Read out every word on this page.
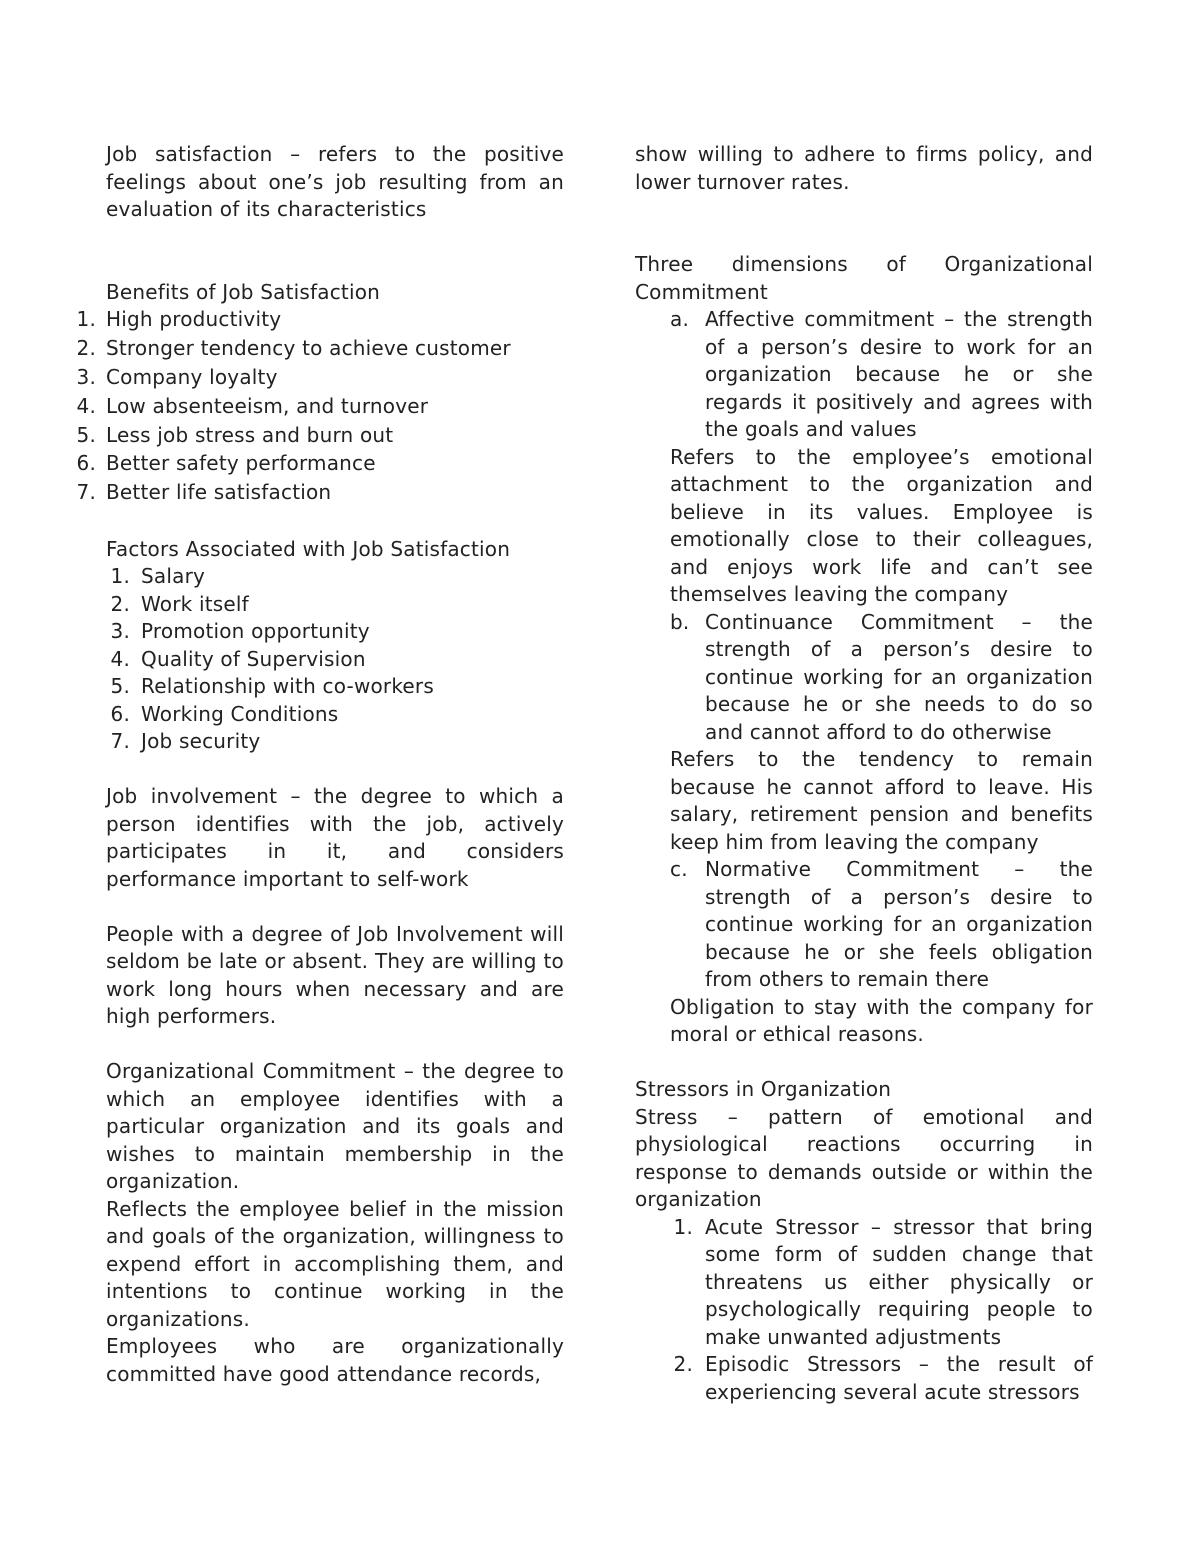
Job satisfaction – refers to the positive feelings about one’s job resulting from an evaluation of its characteristics

Benefits of Job Satisfaction

1. High productivity
2. Stronger tendency to achieve customer
3. Company loyalty
4. Low absenteeism, and turnover
5. Less job stress and burn out
6. Better safety performance
7. Better life satisfaction

Factors Associated with Job Satisfaction

1. Salary
2. Work itself
3. Promotion opportunity
4. Quality of Supervision
5. Relationship with co-workers
6. Working Conditions
7. Job security

Job involvement – the degree to which a person identifies with the job, actively participates in it, and considers performance important to self-work

People with a degree of Job Involvement will seldom be late or absent. They are willing to work long hours when necessary and are high performers.

Organizational Commitment – the degree to which an employee identifies with a particular organization and its goals and wishes to maintain membership in the organization.

Reflects the employee belief in the mission and goals of the organization, willingness to expend effort in accomplishing them, and intentions to continue working in the organizations.

Employees who are organizationally committed have good attendance records,

show willing to adhere to firms policy, and lower turnover rates.

Three dimensions of Organizational Commitment

a. Affective commitment – the strength of a person’s desire to work for an organization because he or she regards it positively and agrees with the goals and values

Refers to the employee’s emotional attachment to the organization and believe in its values. Employee is emotionally close to their colleagues, and enjoys work life and can’t see themselves leaving the company

b. Continuance Commitment – the strength of a person’s desire to continue working for an organization because he or she needs to do so and cannot afford to do otherwise

Refers to the tendency to remain because he cannot afford to leave. His salary, retirement pension and benefits keep him from leaving the company

c. Normative Commitment – the strength of a person’s desire to continue working for an organization because he or she feels obligation from others to remain there

Obligation to stay with the company for moral or ethical reasons.

Stressors in Organization

Stress – pattern of emotional and physiological reactions occurring in response to demands outside or within the organization

1. Acute Stressor – stressor that bring some form of sudden change that threatens us either physically or psychologically requiring people to make unwanted adjustments

2. Episodic Stressors – the result of experiencing several acute stressors
